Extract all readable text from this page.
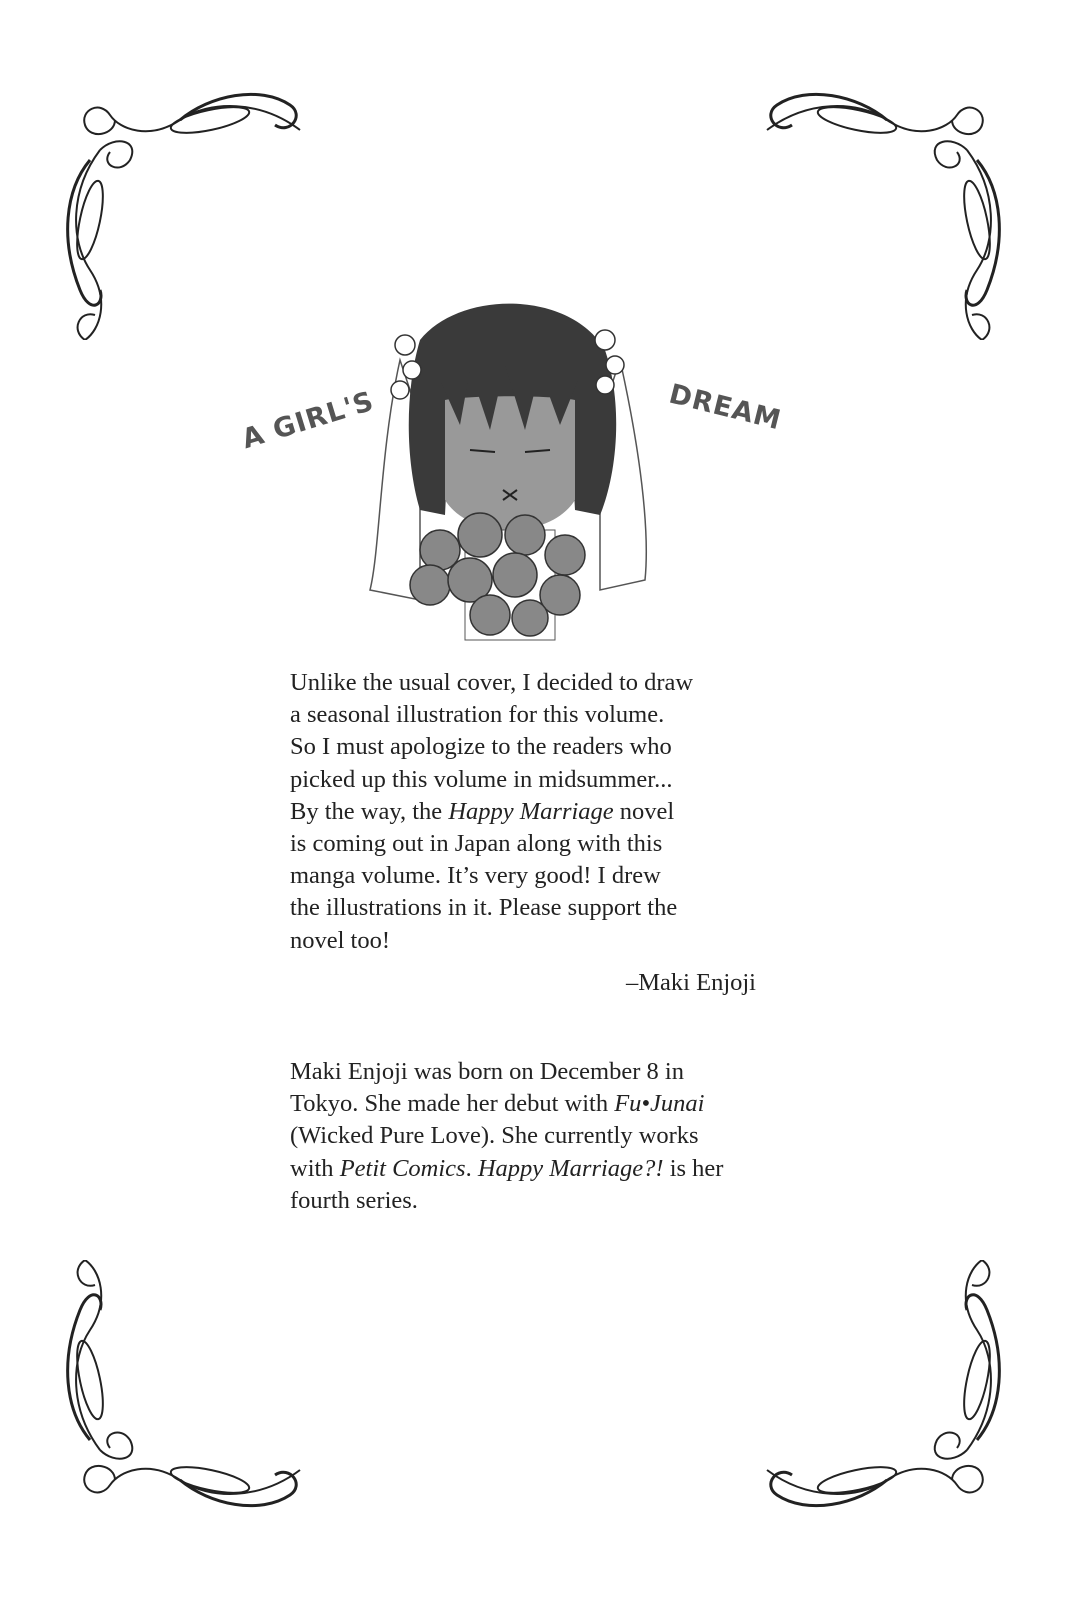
A GIRL'S	DREAM
Unlike the usual cover, I decided to draw
a seasonal illustration for this volume.
So I must apologize to the readers who
picked up this volume in midsummer...
By the way, the Happy Marriage novel
is coming out in Japan along with this
manga volume. It’s very good! I drew
the illustrations in it. Please support the
novel too!
–Maki Enjoji
Maki Enjoji was born on December 8 in
Tokyo. She made her debut with Fu•Junai
(Wicked Pure Love). She currently works
with Petit Comics. Happy Marriage?! is her
fourth series.
